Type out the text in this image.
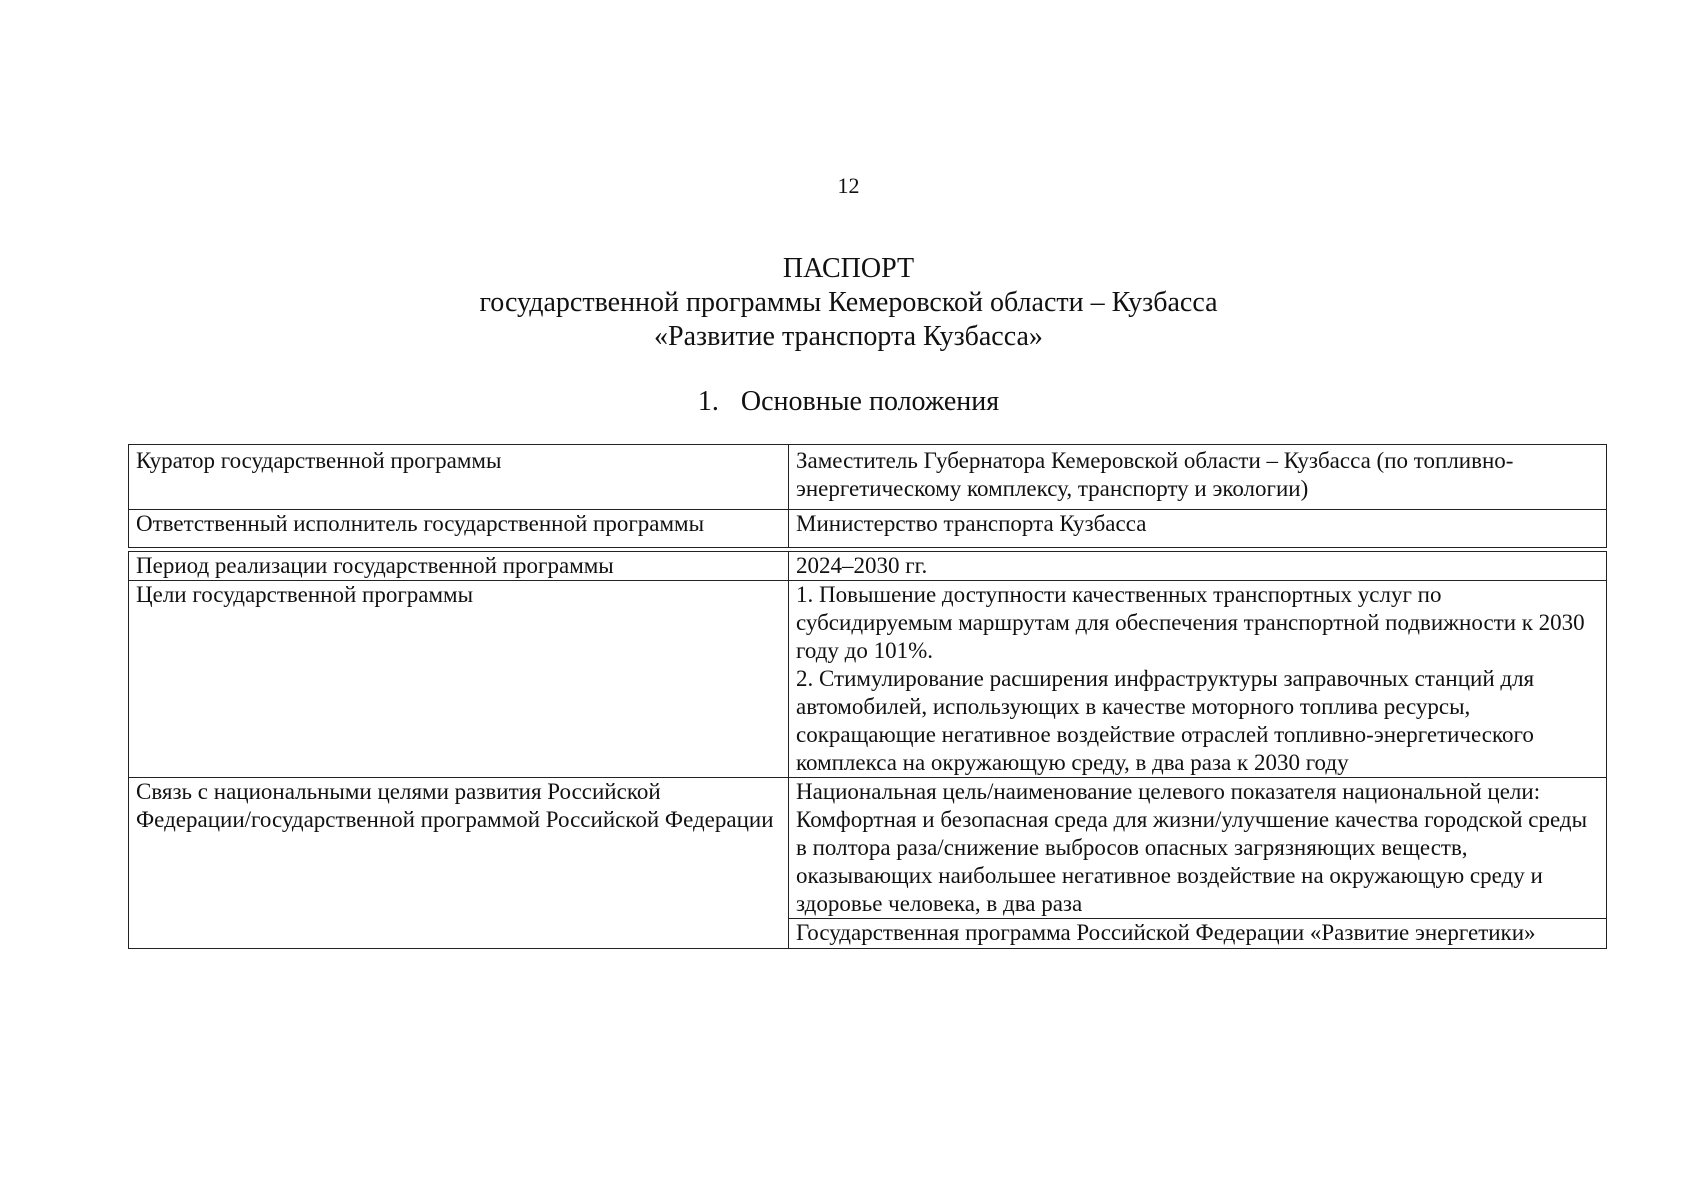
12
ПАСПОРТ
государственной программы Кемеровской области – Кузбасса
«Развитие транспорта Кузбасса»
1. Основные положения
Куратор государственной программы	Заместитель Губернатора Кемеровской области – Кузбасса (по топливно-энергетическому комплексу, транспорту и экологии)
Ответственный исполнитель государственной программы	Министерство транспорта Кузбасса
Период реализации государственной программы	2024–2030 гг.
Цели государственной программы	1. Повышение доступности качественных транспортных услуг по субсидируемым маршрутам для обеспечения транспортной подвижности к 2030 году до 101%.
2. Стимулирование расширения инфраструктуры заправочных станций для автомобилей, использующих в качестве моторного топлива ресурсы, сокращающие негативное воздействие отраслей топливно-энергетического комплекса на окружающую среду, в два раза к 2030 году

Связь с национальными целями развития Российской Федерации/государственной программой Российской Федерации	Национальная цель/наименование целевого показателя национальной цели: Комфортная и безопасная среда для жизни/улучшение качества городской среды в полтора раза/снижение выбросов опасных загрязняющих веществ, оказывающих наибольшее негативное воздействие на окружающую среду и здоровье человека, в два раза
	Государственная программа Российской Федерации «Развитие энергетики»
